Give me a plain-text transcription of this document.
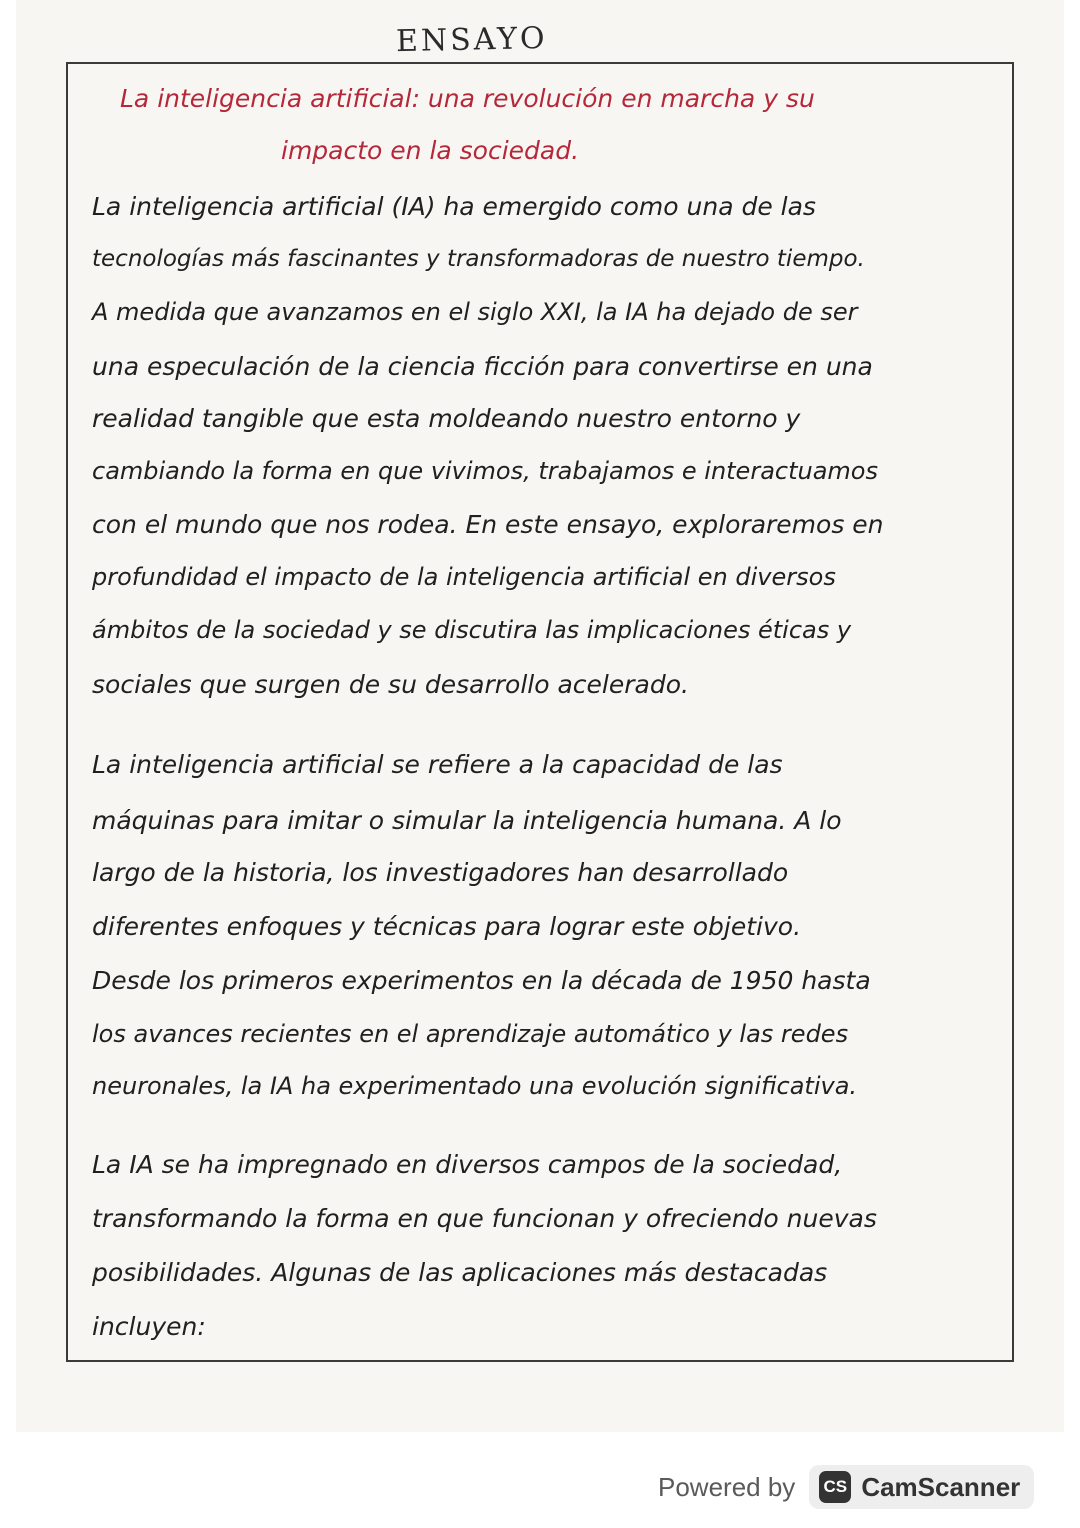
ENSAYO
La inteligencia artificial: una revolución en marcha y su
impacto en la sociedad.
La inteligencia artificial (IA) ha emergido como una de las
tecnologías más fascinantes y transformadoras de nuestro tiempo.
A medida que avanzamos en el siglo XXI, la IA ha dejado de ser
una especulación de la ciencia ficción para convertirse en una
realidad tangible que esta moldeando nuestro entorno y
cambiando la forma en que vivimos, trabajamos e interactuamos
con el mundo que nos rodea. En este ensayo, exploraremos en
profundidad el impacto de la inteligencia artificial en diversos
ámbitos de la sociedad y se discutira las implicaciones éticas y
sociales que surgen de su desarrollo acelerado.
La inteligencia artificial se refiere a la capacidad de las
máquinas para imitar o simular la inteligencia humana. A lo
largo de la historia, los investigadores han desarrollado
diferentes enfoques y técnicas para lograr este objetivo.
Desde los primeros experimentos en la década de 1950 hasta
los avances recientes en el aprendizaje automático y las redes
neuronales, la IA ha experimentado una evolución significativa.
La IA se ha impregnado en diversos campos de la sociedad,
transformando la forma en que funcionan y ofreciendo nuevas
posibilidades. Algunas de las aplicaciones más destacadas
incluyen:
Powered by CS CamScanner
